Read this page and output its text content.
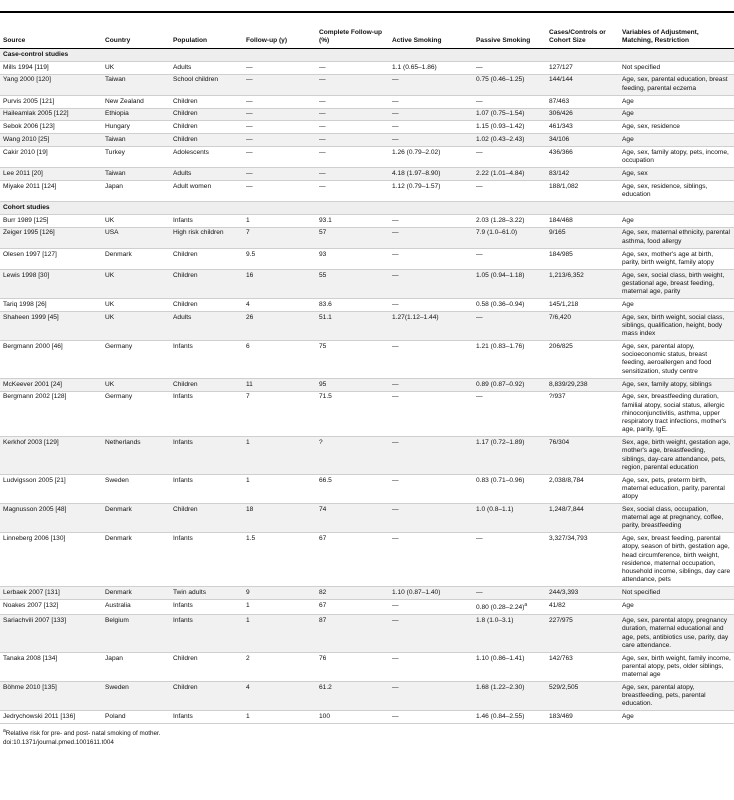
Source	Country	Population	Follow-up (y)	Complete Follow-up (%)	Active Smoking	Passive Smoking	Cases/Controls or Cohort Size	Variables of Adjustment, Matching, Restriction
Case-control studies								
Mills 1994 [119]	UK	Adults	—	—	1.1 (0.65–1.86)	—	127/127	Not specified
Yang 2000 [120]	Taiwan	School children	—	—	—	0.75 (0.46–1.25)	144/144	Age, sex, parental education, breast feeding, parental eczema
Purvis 2005 [121]	New Zealand	Children	—	—	—	—	87/463	Age
Haileamlak 2005 [122]	Ethiopia	Children	—	—	—	1.07 (0.75–1.54)	306/426	Age
Sebok 2006 [123]	Hungary	Children	—	—	—	1.15 (0.93–1.42)	461/343	Age, sex, residence
Wang 2010 [25]	Taiwan	Children	—	—	—	1.02 (0.43–2.43)	34/106	Age
Cakir 2010 [19]	Turkey	Adolescents	—	—	1.26 (0.79–2.02)	—	436/366	Age, sex, family atopy, pets, income, occupation
Lee 2011 [20]	Taiwan	Adults	—	—	4.18 (1.97–8.90)	2.22 (1.01–4.84)	83/142	Age, sex
Miyake 2011 [124]	Japan	Adult women	—	—	1.12 (0.79–1.57)	—	188/1,082	Age, sex, residence, siblings, education
Cohort studies								
Burr 1989 [125]	UK	Infants	1	93.1	—	2.03 (1.28–3.22)	184/468	Age
Zeiger 1995 [126]	USA	High risk children	7	57	—	7.9 (1.0–61.0)	9/165	Age, sex, maternal ethnicity, parental asthma, food allergy
Olesen 1997 [127]	Denmark	Children	9.5	93	—	—	184/985	Age, sex, mother's age at birth, parity, birth weight, family atopy
Lewis 1998 [30]	UK	Children	16	55	—	1.05 (0.94–1.18)	1,213/6,352	Age, sex, social class, birth weight, gestational age, breast feeding, maternal age, parity
Tariq 1998 [26]	UK	Children	4	83.6	—	0.58 (0.36–0.94)	145/1,218	Age
Shaheen 1999 [45]	UK	Adults	26	51.1	1.27(1.12–1.44)	—	7/6,420	Age, sex, birth weight, social class, siblings, qualification, height, body mass index
Bergmann 2000 [46]	Germany	Infants	6	75	—	1.21 (0.83–1.76)	206/825	Age, sex, parental atopy, socioeconomic status, breast feeding, aeroallergen and food sensitization, study centre
McKeever 2001 [24]	UK	Children	11	95	—	0.89 (0.87–0.92)	8,839/29,238	Age, sex, family atopy, siblings
Bergmann 2002 [128]	Germany	Infants	7	71.5	—	—	?/937	Age, sex, breastfeeding duration, familial atopy, social status, allergic rhinoconjunctivitis, asthma, upper respiratory tract infections, mother's age, parity, IgE.
Kerkhof 2003 [129]	Netherlands	Infants	1	?	—	1.17 (0.72–1.89)	76/304	Sex, age, birth weight, gestation age, mother's age, breastfeeding, siblings, day-care attendance, pets, region, parental education
Ludvigsson 2005 [21]	Sweden	Infants	1	66.5	—	0.83 (0.71–0.96)	2,038/8,784	Age, sex, pets, preterm birth, maternal education, parity, parental atopy
Magnusson 2005 [48]	Denmark	Children	18	74	—	1.0 (0.8–1.1)	1,248/7,844	Sex, social class, occupation, maternal age at pregnancy, coffee, parity, breastfeeding
Linneberg 2006 [130]	Denmark	Infants	1.5	67	—	—	3,327/34,793	Age, sex, breast feeding, parental atopy, season of birth, gestation age, head circumference, birth weight, residence, maternal occupation, household income, siblings, day care attendance, pets
Lerbaek 2007 [131]	Denmark	Twin adults	9	82	1.10 (0.87–1.40)	—	244/3,393	Not specified
Noakes 2007 [132]	Australia	Infants	1	67	—	0.80 $(0.28-2.24)^a$	41/82	Age
Sariachvili 2007 [133]	Belgium	Infants	1	87	—	1.8 (1.0–3.1)	227/975	Age, sex, parental atopy, pregnancy duration, maternal educational and age, pets, antibiotics use, parity, day care attendance.
Tanaka 2008 [134]	Japan	Children	2	76	—	1.10 (0.86–1.41)	142/763	Age, sex, birth weight, family income, parental atopy, pets, older siblings, maternal age
Böhme 2010 [135]	Sweden	Children	4	61.2	—	1.68 (1.22–2.30)	529/2,505	Age, sex, parental atopy, breastfeeding, pets, parental education.
Jedrychowski 2011 [136]	Poland	Infants	1	100	—	1.46 (0.84–2.55)	183/469	Age
$^a$Relative risk for pre- and post- natal smoking of mother.
doi:10.1371/journal.pmed.1001611.t004
